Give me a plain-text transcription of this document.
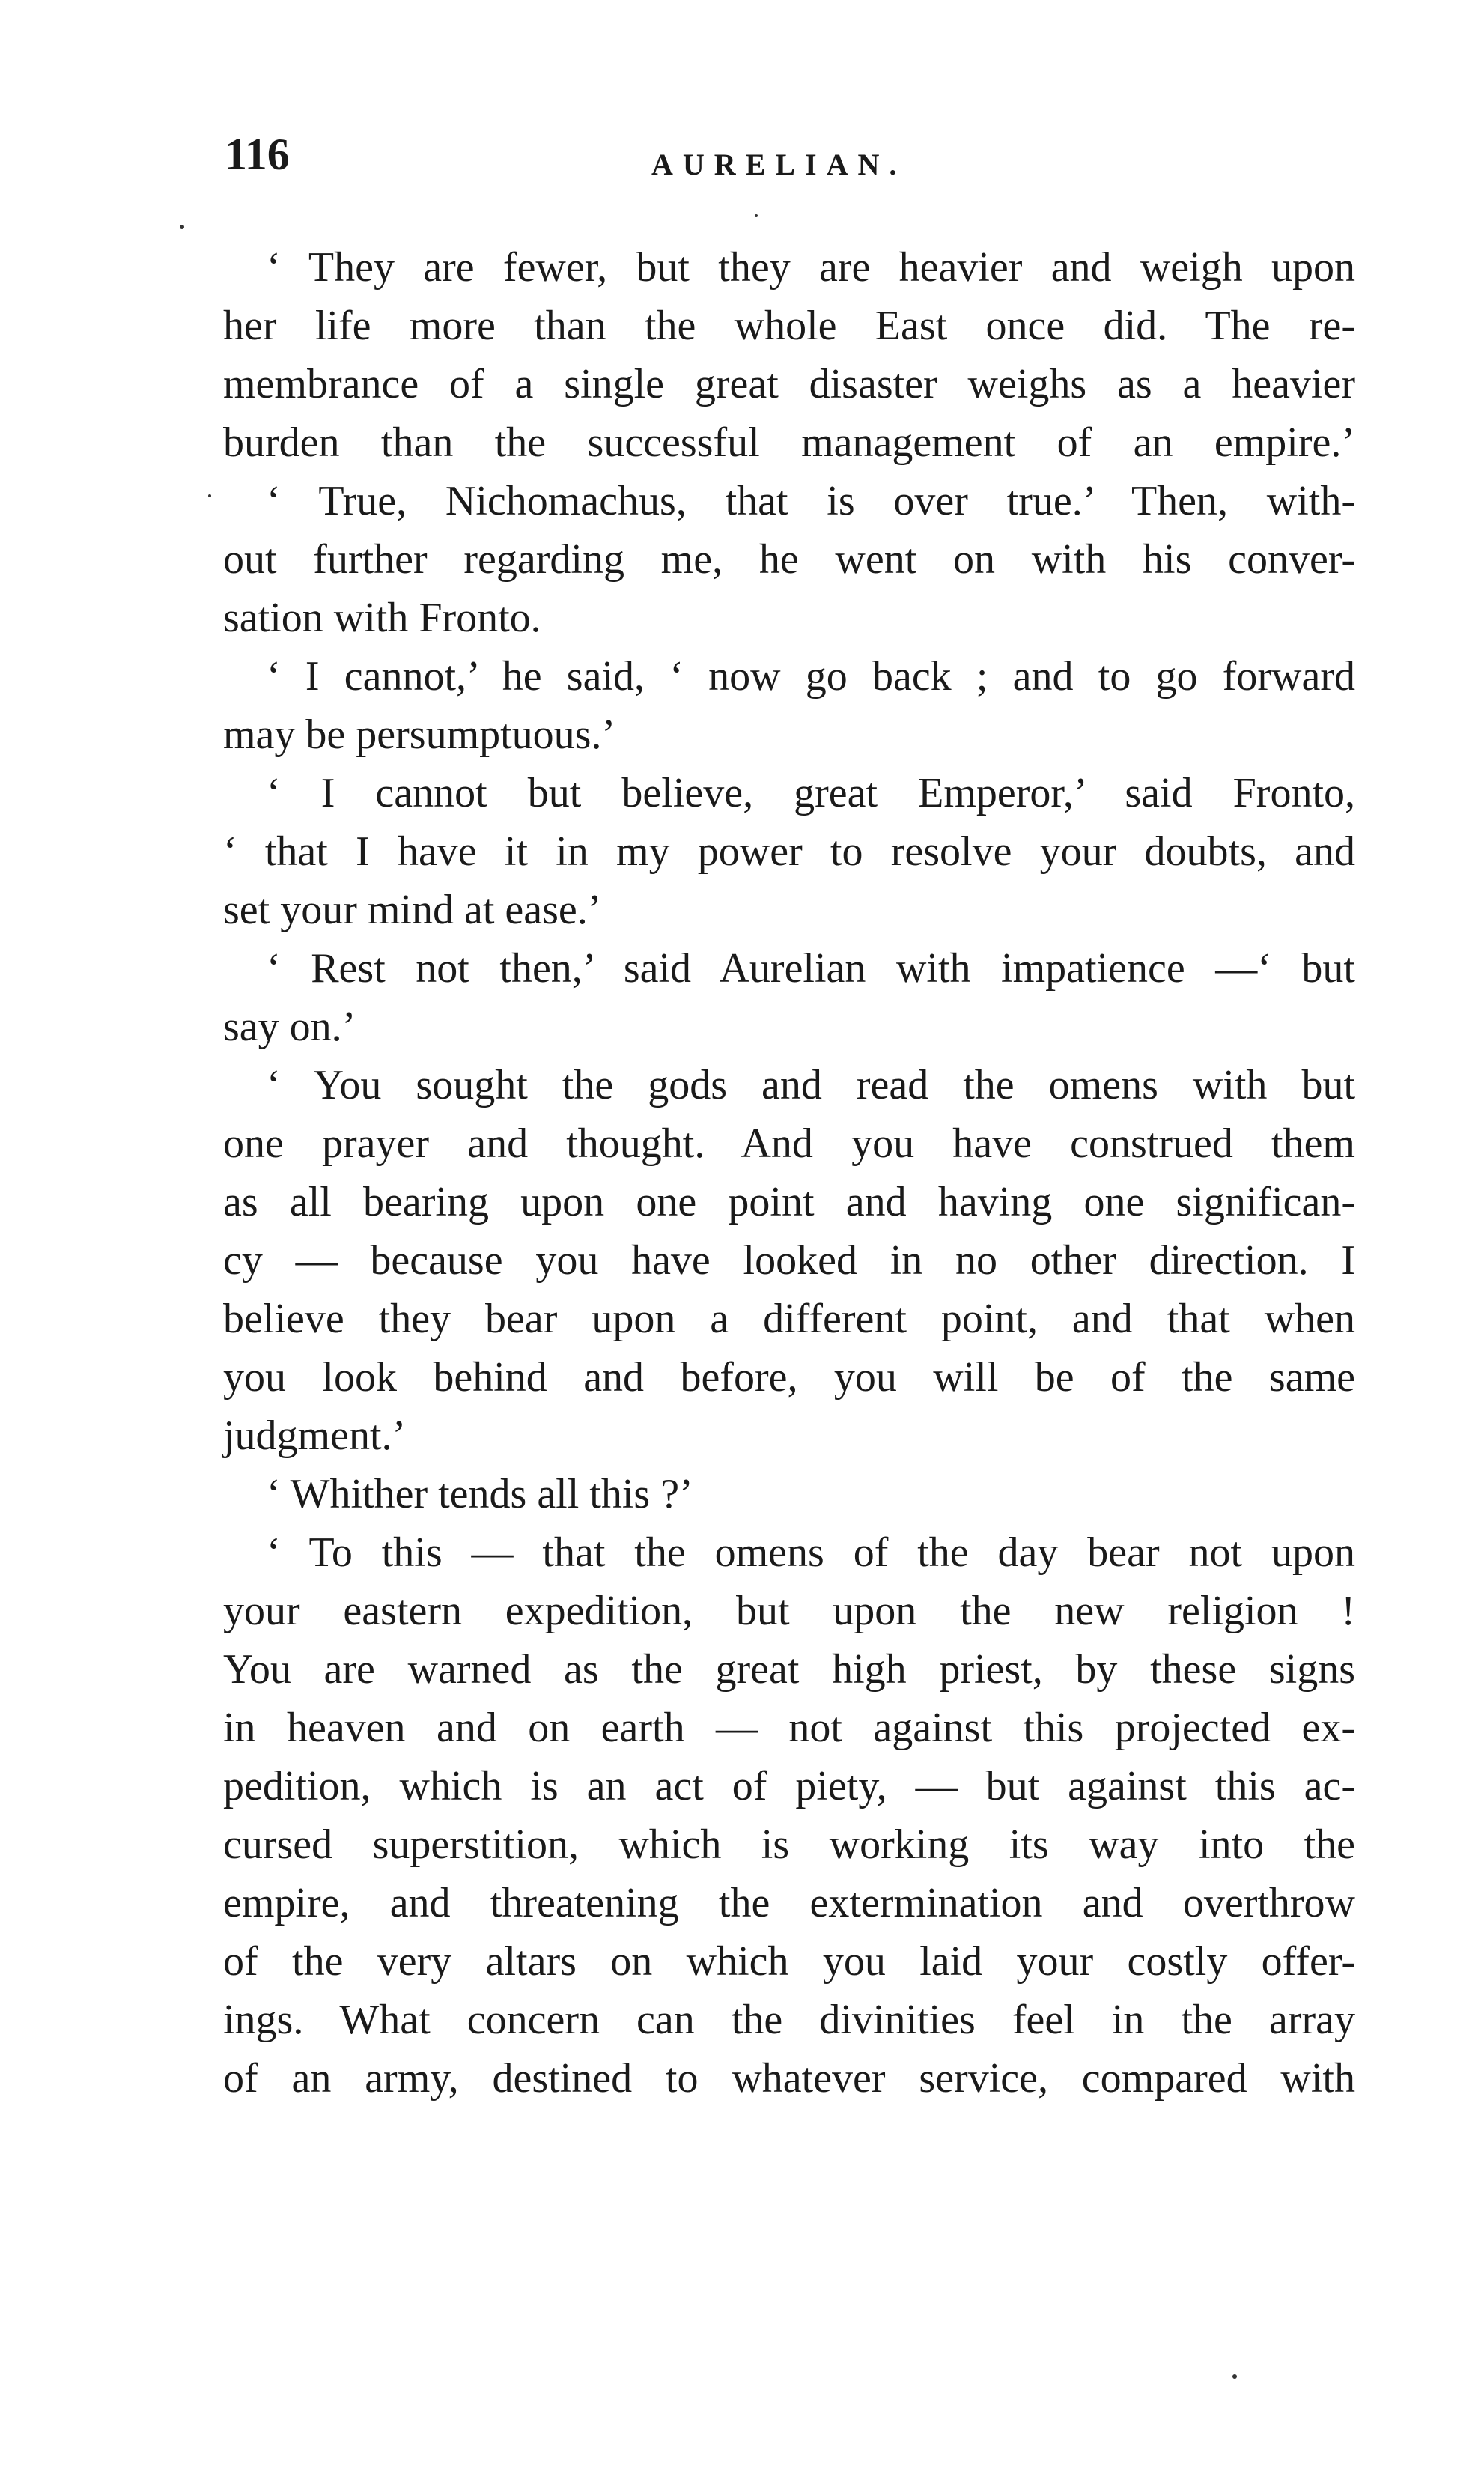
116	AURELIAN.
‘ They are fewer, but they are heavier and weigh upon
her life more than the whole East once did. The re-
membrance of a single great disaster weighs as a heavier
burden than the successful management of an empire.’
‘ True, Nichomachus, that is over true.’ Then, with-
out further regarding me, he went on with his conver-
sation with Fronto.
‘ I cannot,’ he said, ‘ now go back ; and to go forward
may be persumptuous.’
‘ I cannot but believe, great Emperor,’ said Fronto,
‘ that I have it in my power to resolve your doubts, and
set your mind at ease.’
‘ Rest not then,’ said Aurelian with impatience —‘ but
say on.’
‘ You sought the gods and read the omens with but
one prayer and thought. And you have construed them
as all bearing upon one point and having one significan-
cy — because you have looked in no other direction. I
believe they bear upon a different point, and that when
you look behind and before, you will be of the same
judgment.’
‘ Whither tends all this ?’
‘ To this — that the omens of the day bear not upon
your eastern expedition, but upon the new religion !
You are warned as the great high priest, by these signs
in heaven and on earth — not against this projected ex-
pedition, which is an act of piety, — but against this ac-
cursed superstition, which is working its way into the
empire, and threatening the extermination and overthrow
of the very altars on which you laid your costly offer-
ings. What concern can the divinities feel in the array
of an army, destined to whatever service, compared with
